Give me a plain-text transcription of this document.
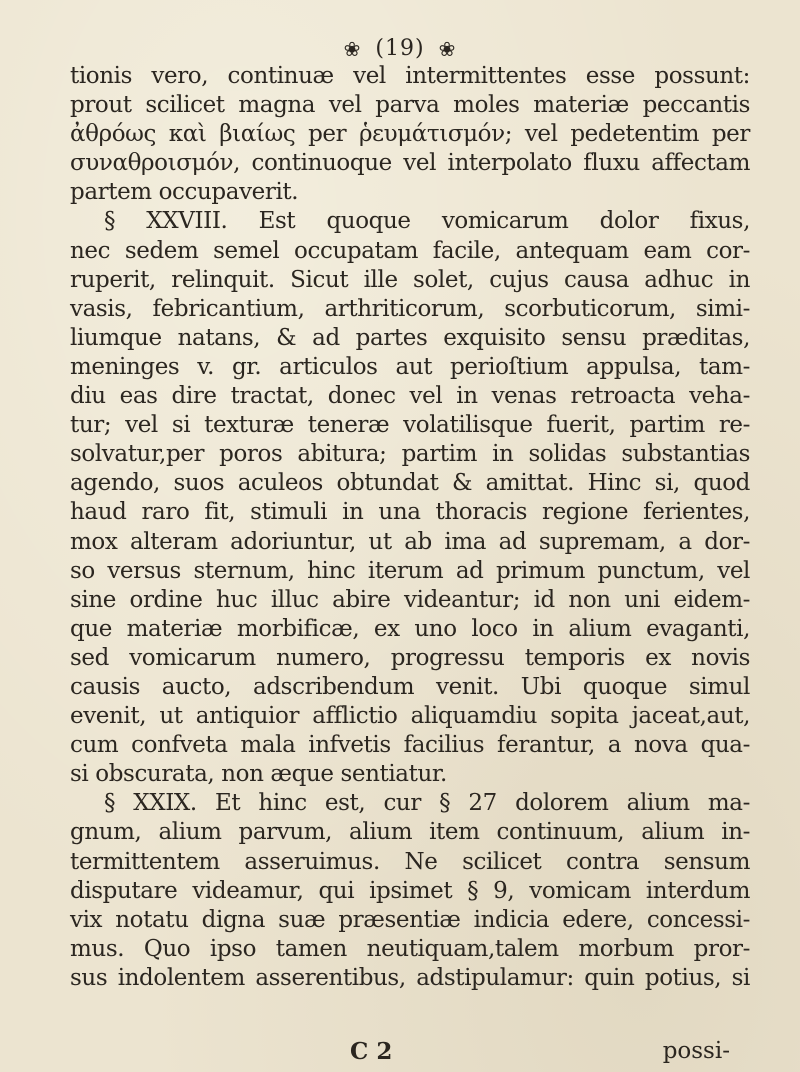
❀ (19) ❀
tionis vero, continuæ vel intermittentes esse possunt:
prout scilicet magna vel parva moles materiæ peccantis
ἀθρόως καὶ βιαίως per ῥευμάτισμόν; vel pedetentim per
συναθροισμόν, continuoque vel interpolato fluxu affectam
partem occupaverit.
§ XXVIII. Est quoque vomicarum dolor fixus,
nec sedem semel occupatam facile, antequam eam cor-
ruperit, relinquit. Sicut ille solet, cujus causa adhuc in
vasis, febricantium, arthriticorum, scorbuticorum, simi-
liumque natans, & ad partes exquisito sensu præditas,
meninges v. gr. articulos aut perioſtium appulsa, tam-
diu eas dire tractat, donec vel in venas retroacta veha-
tur; vel si texturæ teneræ volatilisque fuerit, partim re-
solvatur,per poros abitura; partim in solidas substantias
agendo, suos aculeos obtundat & amittat. Hinc si, quod
haud raro fit, stimuli in una thoracis regione ferientes,
mox alteram adoriuntur, ut ab ima ad supremam, a dor-
so versus sternum, hinc iterum ad primum punctum, vel
sine ordine huc illuc abire videantur; id non uni eidem-
que materiæ morbificæ, ex uno loco in alium evaganti,
sed vomicarum numero, progressu temporis ex novis
causis aucto, adscribendum venit. Ubi quoque simul
evenit, ut antiquior afflictio aliquamdiu sopita jaceat,aut,
cum confveta mala infvetis facilius ferantur, a nova qua-
si obscurata, non æque sentiatur.
§ XXIX. Et hinc est, cur § 27 dolorem alium ma-
gnum, alium parvum, alium item continuum, alium in-
termittentem asseruimus. Ne scilicet contra sensum
disputare videamur, qui ipsimet § 9, vomicam interdum
vix notatu digna suæ præsentiæ indicia edere, concessi-
mus. Quo ipso tamen neutiquam,talem morbum pror-
sus indolentem asserentibus, adstipulamur: quin potius, si
C 2	possi-
